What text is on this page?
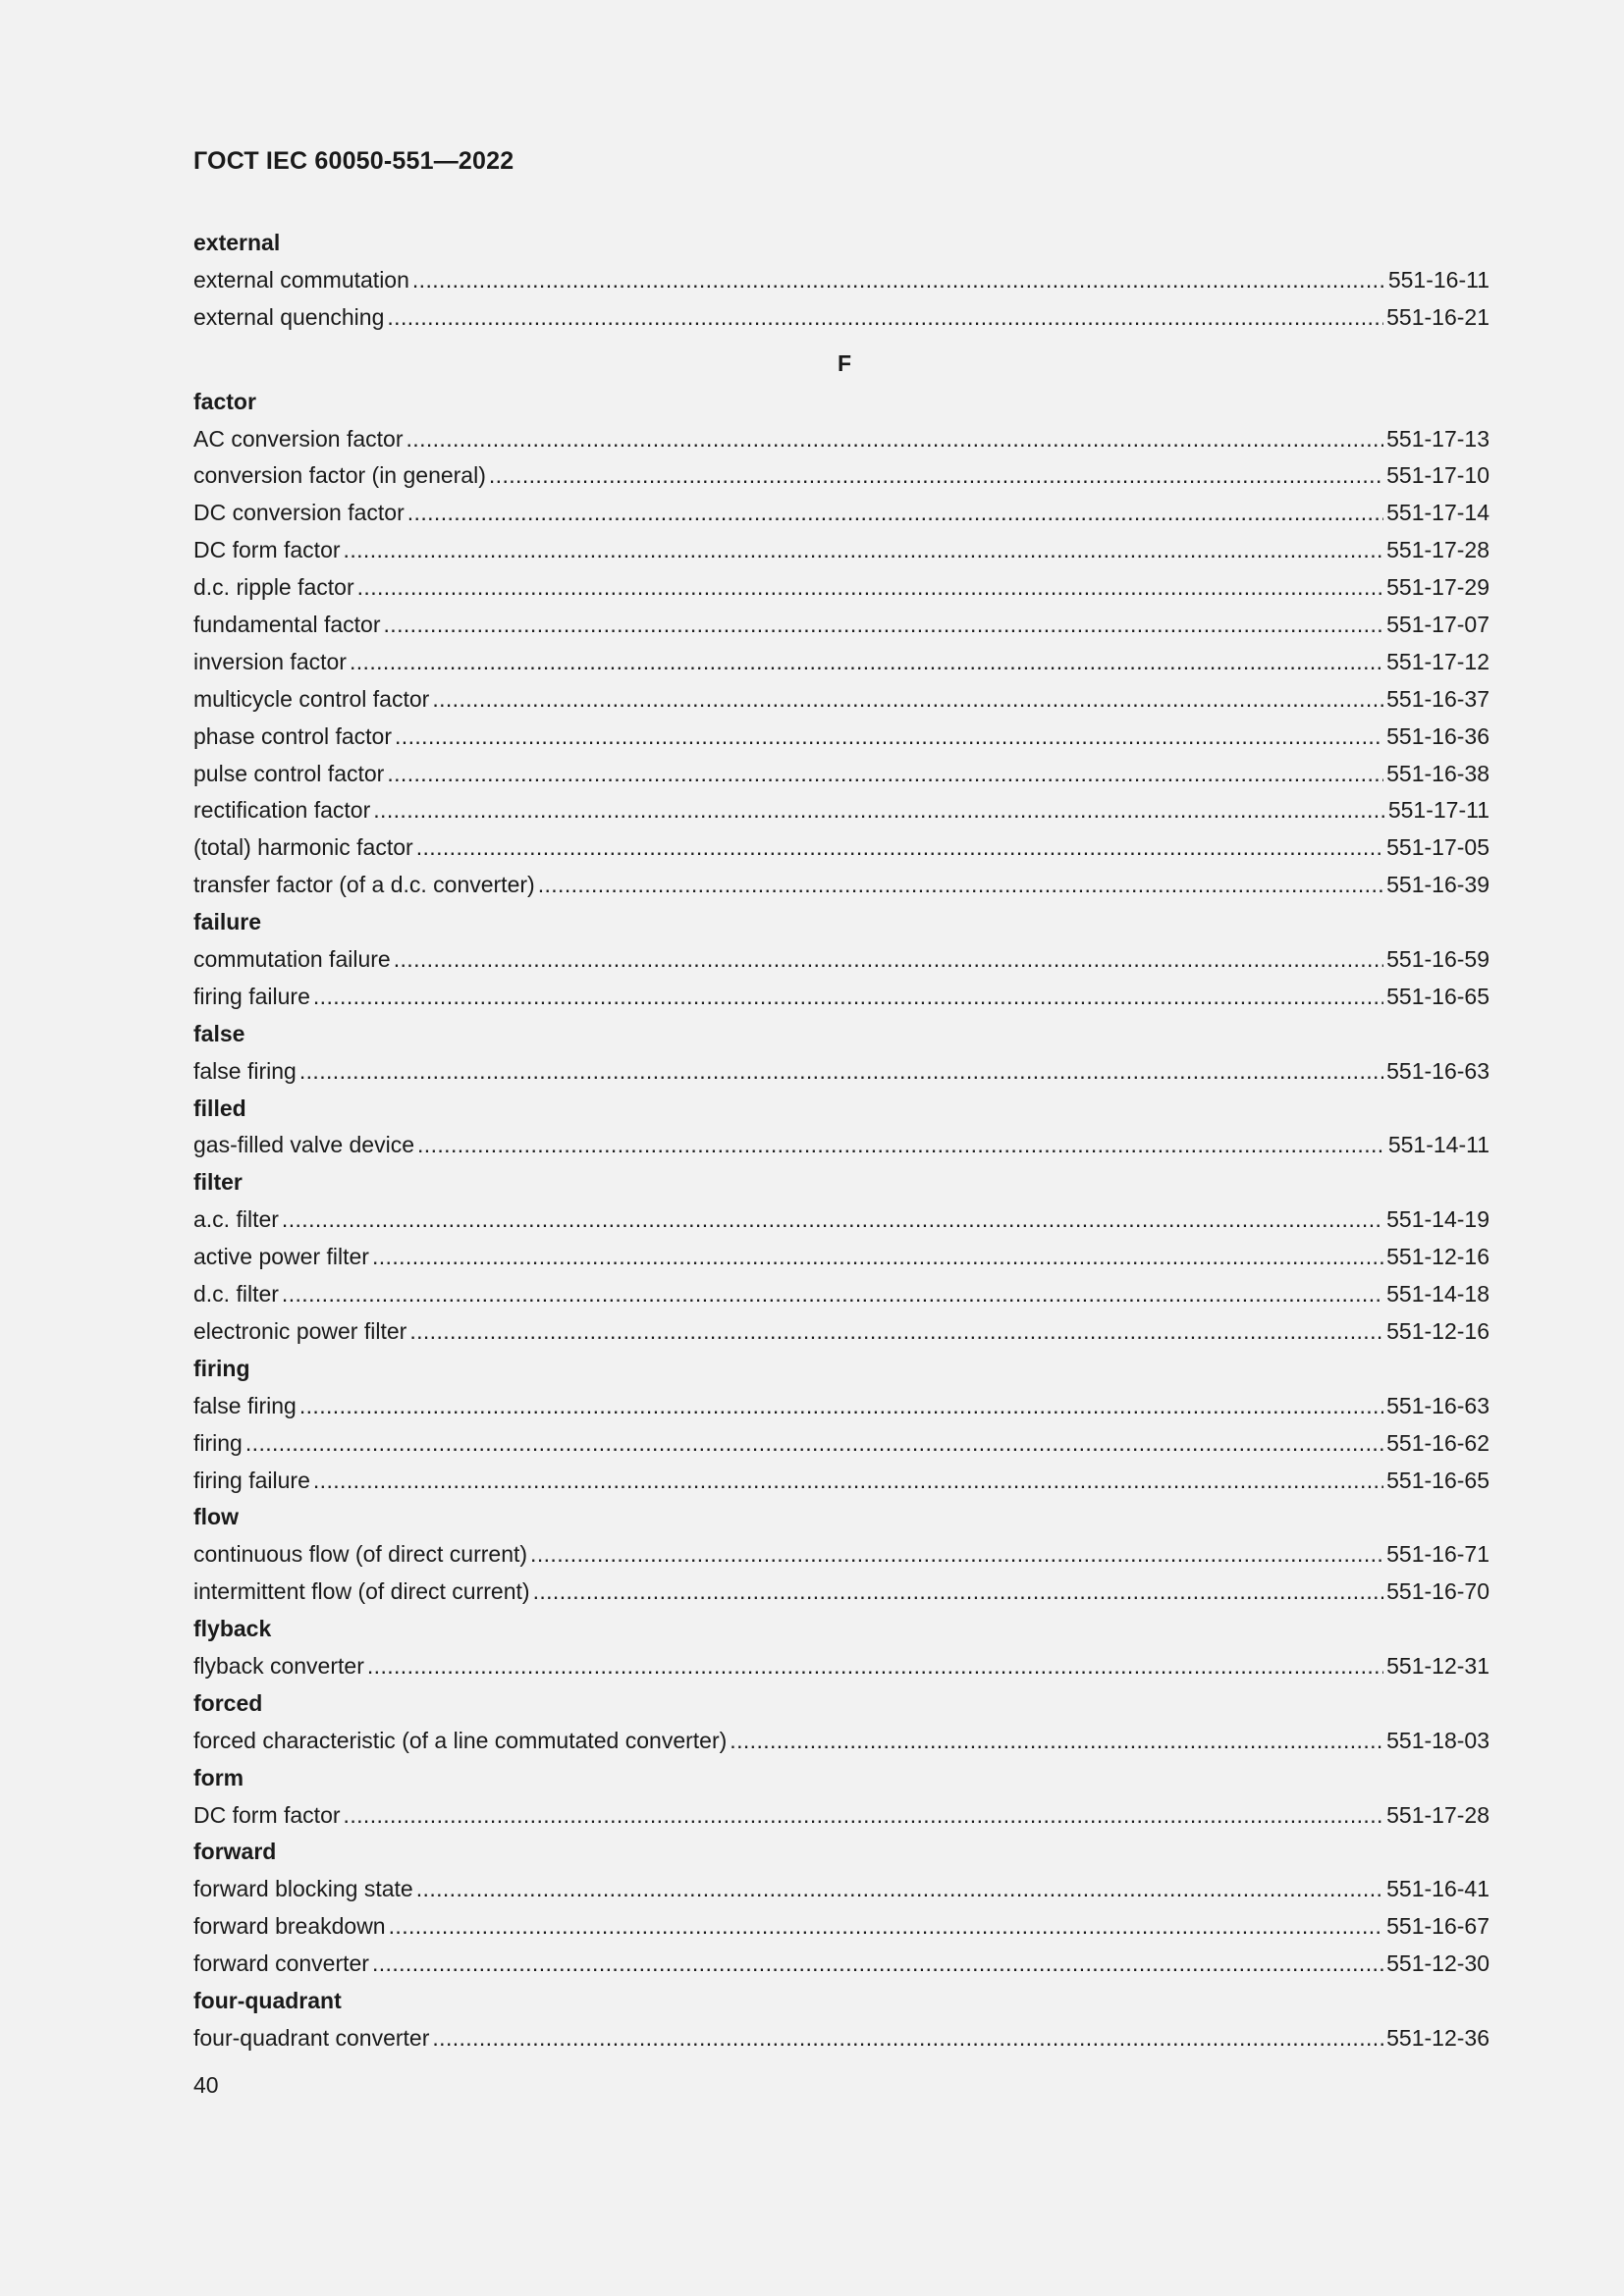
ГОСТ IEC 60050-551—2022
external
external commutation .....	551-16-11
external quenching .....	551-16-21
F
factor
AC conversion factor .....	551-17-13
conversion factor (in general) .....	551-17-10
DC conversion factor .....	551-17-14
DC form factor .....	551-17-28
d.c. ripple factor .....	551-17-29
fundamental factor .....	551-17-07
inversion factor .....	551-17-12
multicycle control factor .....	551-16-37
phase control factor .....	551-16-36
pulse control factor .....	551-16-38
rectification factor .....	551-17-11
(total) harmonic factor .....	551-17-05
transfer factor (of a d.c. converter) .....	551-16-39
failure
commutation failure .....	551-16-59
firing failure .....	551-16-65
false
false firing .....	551-16-63
filled
gas-filled valve device .....	551-14-11
filter
a.c. filter .....	551-14-19
active power filter .....	551-12-16
d.c. filter .....	551-14-18
electronic power filter .....	551-12-16
firing
false firing .....	551-16-63
firing .....	551-16-62
firing failure .....	551-16-65
flow
continuous flow (of direct current) .....	551-16-71
intermittent flow (of direct current) .....	551-16-70
flyback
flyback converter .....	551-12-31
forced
forced characteristic (of a line commutated converter) .....	551-18-03
form
DC form factor .....	551-17-28
forward
forward blocking state .....	551-16-41
forward breakdown .....	551-16-67
forward converter .....	551-12-30
four-quadrant
four-quadrant converter .....	551-12-36
40
